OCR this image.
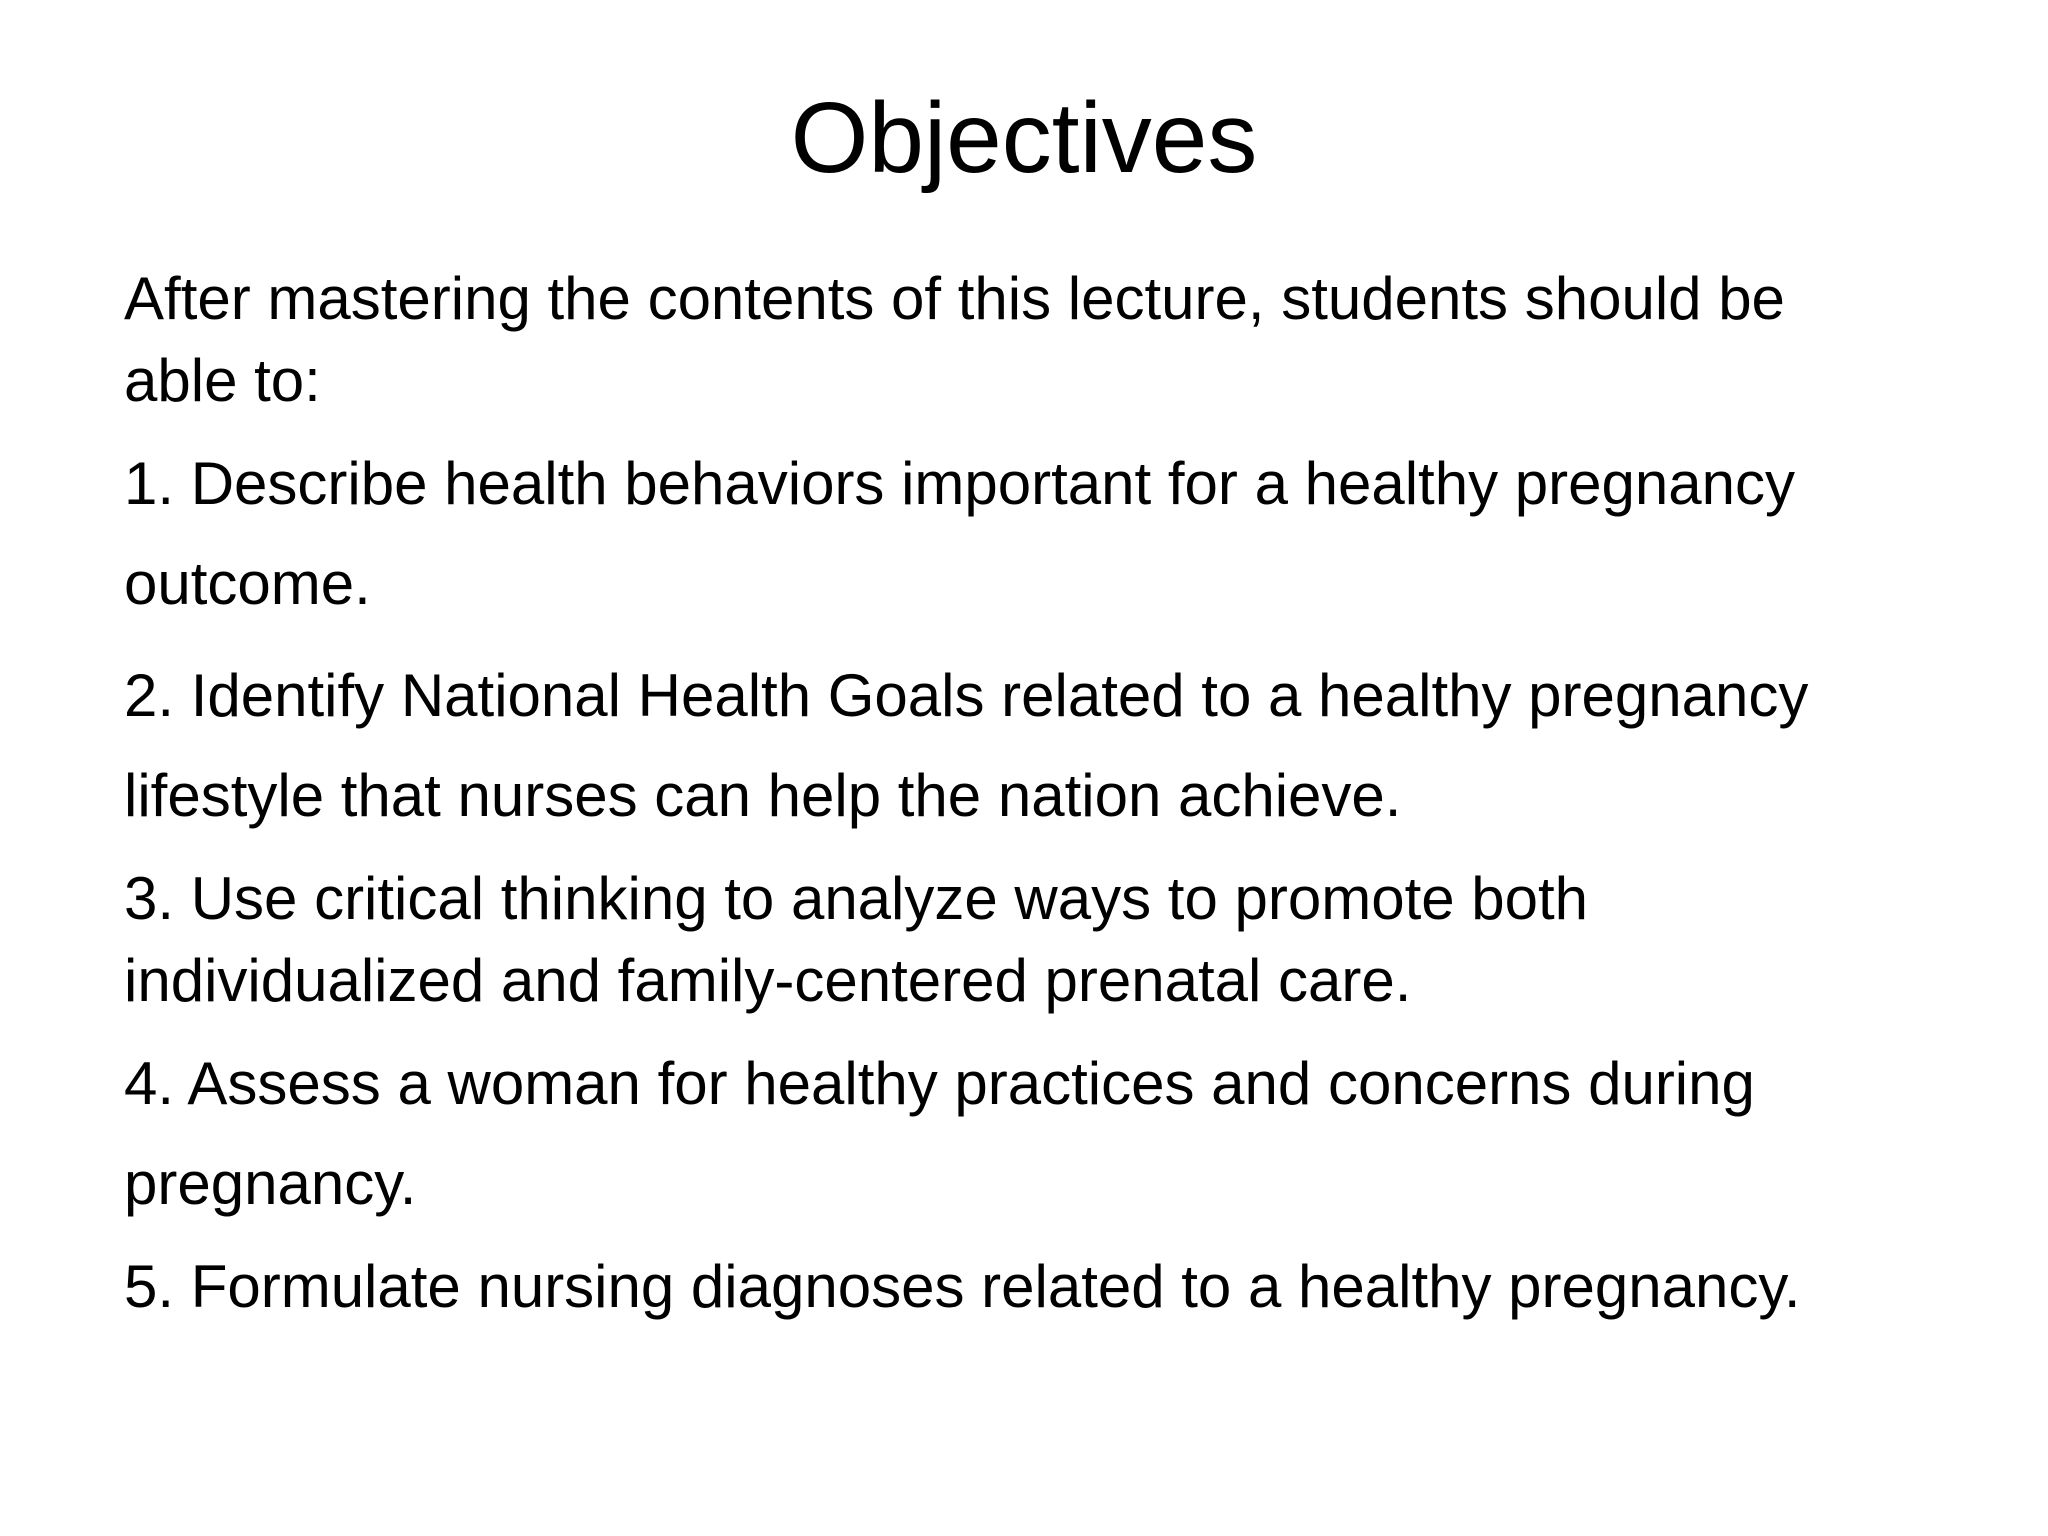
Objectives
After mastering the contents of this lecture, students should be
able to:
1. Describe health behaviors important for a healthy pregnancy
outcome.
2. Identify National Health Goals related to a healthy pregnancy
lifestyle that nurses can help the nation achieve.
3. Use critical thinking to analyze ways to promote both
individualized and family-centered prenatal care.
4. Assess a woman for healthy practices and concerns during
pregnancy.
5. Formulate nursing diagnoses related to a healthy pregnancy.
